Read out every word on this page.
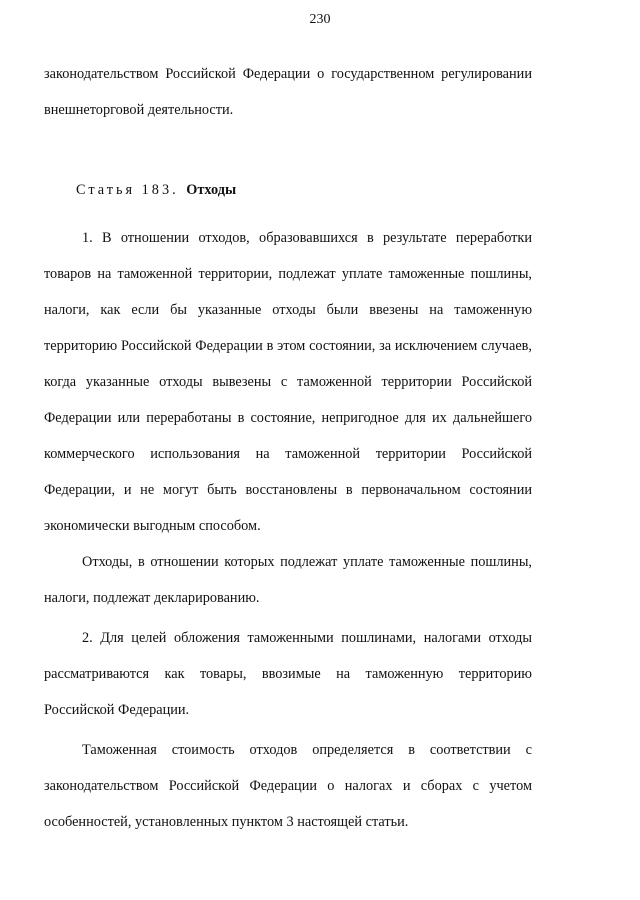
230

законодательством Российской Федерации о государственном регулировании внешнеторговой деятельности.

Статья 183. Отходы

1. В отношении отходов, образовавшихся в результате переработки товаров на таможенной территории, подлежат уплате таможенные пошлины, налоги, как если бы указанные отходы были ввезены на таможенную территорию Российской Федерации в этом состоянии, за исключением случаев, когда указанные отходы вывезены с таможенной территории Российской Федерации или переработаны в состояние, непригодное для их дальнейшего коммерческого использования на таможенной территории Российской Федерации, и не могут быть восстановлены в первоначальном состоянии экономически выгодным способом.

Отходы, в отношении которых подлежат уплате таможенные пошлины, налоги, подлежат декларированию.

2. Для целей обложения таможенными пошлинами, налогами отходы рассматриваются как товары, ввозимые на таможенную территорию Российской Федерации.

Таможенная стоимость отходов определяется в соответствии с законодательством Российской Федерации о налогах и сборах с учетом особенностей, установленных пунктом 3 настоящей статьи.
